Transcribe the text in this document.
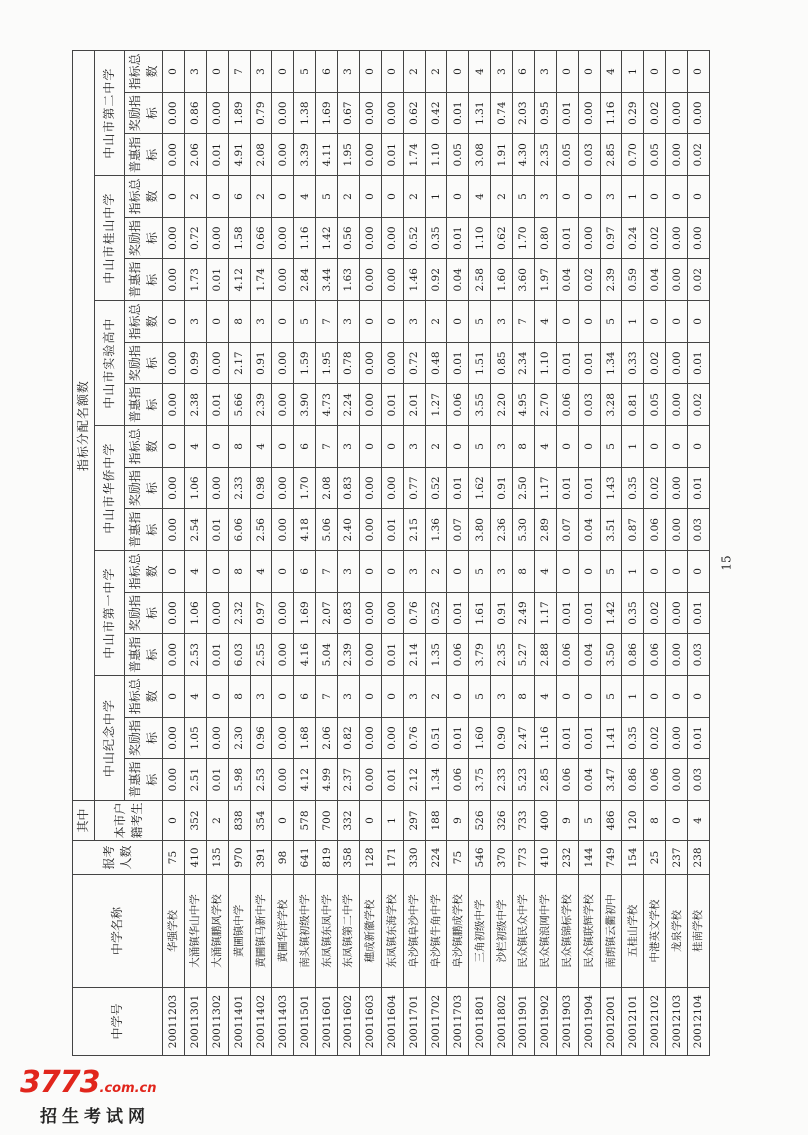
中学号	中学名称	报考人数	其中	指标分配名额数																	
			本市户籍考生	中山纪念中学			中山市第一中学			中山市华侨中学			中山市实验高中			中山市桂山中学			中山市第二中学		
				普惠指标	奖励指标	指标总数	普惠指标	奖励指标	指标总数	普惠指标	奖励指标	指标总数	普惠指标	奖励指标	指标总数	普惠指标	奖励指标	指标总数	普惠指标	奖励指标	指标总数
20011203	华强学校	75	0	0.00	0.00	0	0.00	0.00	0	0.00	0.00	0	0.00	0.00	0	0.00	0.00	0	0.00	0.00	0
20011301	大涌镇华山中学	410	352	2.51	1.05	4	2.53	1.06	4	2.54	1.06	4	2.38	0.99	3	1.73	0.72	2	2.06	0.86	3
20011302	大涌镇鹏风学校	135	2	0.01	0.00	0	0.01	0.00	0	0.01	0.00	0	0.01	0.00	0	0.01	0.00	0	0.01	0.00	0
20011401	黄圃镇中学	970	838	5.98	2.30	8	6.03	2.32	8	6.06	2.33	8	5.66	2.17	8	4.12	1.58	6	4.91	1.89	7
20011402	黄圃镇马新中学	391	354	2.53	0.96	3	2.55	0.97	4	2.56	0.98	4	2.39	0.91	3	1.74	0.66	2	2.08	0.79	3
20011403	黄圃华洋学校	98	0	0.00	0.00	0	0.00	0.00	0	0.00	0.00	0	0.00	0.00	0	0.00	0.00	0	0.00	0.00	0
20011501	南头镇初级中学	641	578	4.12	1.68	6	4.16	1.69	6	4.18	1.70	6	3.90	1.59	5	2.84	1.16	4	3.39	1.38	5
20011601	东凤镇东凤中学	819	700	4.99	2.06	7	5.04	2.07	7	5.06	2.08	7	4.73	1.95	7	3.44	1.42	5	4.11	1.69	6
20011602	东凤镇第二中学	358	332	2.37	0.82	3	2.39	0.83	3	2.40	0.83	3	2.24	0.78	3	1.63	0.56	2	1.95	0.67	3
20011603	穗成新徽学校	128	0	0.00	0.00	0	0.00	0.00	0	0.00	0.00	0	0.00	0.00	0	0.00	0.00	0	0.00	0.00	0
20011604	东凤镇东海学校	171	1	0.01	0.00	0	0.01	0.00	0	0.01	0.00	0	0.01	0.00	0	0.00	0.00	0	0.01	0.00	0
20011701	阜沙镇阜沙中学	330	297	2.12	0.76	3	2.14	0.76	3	2.15	0.77	3	2.01	0.72	3	1.46	0.52	2	1.74	0.62	2
20011702	阜沙镇牛角中学	224	188	1.34	0.51	2	1.35	0.52	2	1.36	0.52	2	1.27	0.48	2	0.92	0.35	1	1.10	0.42	2
20011703	阜沙镇鹏成学校	75	9	0.06	0.01	0	0.06	0.01	0	0.07	0.01	0	0.06	0.01	0	0.04	0.01	0	0.05	0.01	0
20011801	三角初级中学	546	526	3.75	1.60	5	3.79	1.61	5	3.80	1.62	5	3.55	1.51	5	2.58	1.10	4	3.08	1.31	4
20011802	沙栏初级中学	370	326	2.33	0.90	3	2.35	0.91	3	2.36	0.91	3	2.20	0.85	3	1.60	0.62	2	1.91	0.74	3
20011901	民众镇民众中学	773	733	5.23	2.47	8	5.27	2.49	8	5.30	2.50	8	4.95	2.34	7	3.60	1.70	5	4.30	2.03	6
20011902	民众镇浪网中学	410	400	2.85	1.16	4	2.88	1.17	4	2.89	1.17	4	2.70	1.10	4	1.97	0.80	3	2.35	0.95	3
20011903	民众镇锦标学校	232	9	0.06	0.01	0	0.06	0.01	0	0.07	0.01	0	0.06	0.01	0	0.04	0.01	0	0.05	0.01	0
20011904	民众镇联辉学校	144	5	0.04	0.01	0	0.04	0.01	0	0.04	0.01	0	0.03	0.01	0	0.02	0.00	0	0.03	0.00	0
20012001	南朗镇云衢初中	749	486	3.47	1.41	5	3.50	1.42	5	3.51	1.43	5	3.28	1.34	5	2.39	0.97	3	2.85	1.16	4
20012101	五桂山学校	154	120	0.86	0.35	1	0.86	0.35	1	0.87	0.35	1	0.81	0.33	1	0.59	0.24	1	0.70	0.29	1
20012102	中港英文学校	25	8	0.06	0.02	0	0.06	0.02	0	0.06	0.02	0	0.05	0.02	0	0.04	0.02	0	0.05	0.02	0
20012103	龙泉学校	237	0	0.00	0.00	0	0.00	0.00	0	0.00	0.00	0	0.00	0.00	0	0.00	0.00	0	0.00	0.00	0
20012104	桂南学校	238	4	0.03	0.01	0	0.03	0.01	0	0.03	0.01	0	0.02	0.01	0	0.02	0.00	0	0.02	0.00	0
15
3773.com.cn
招生考试网
